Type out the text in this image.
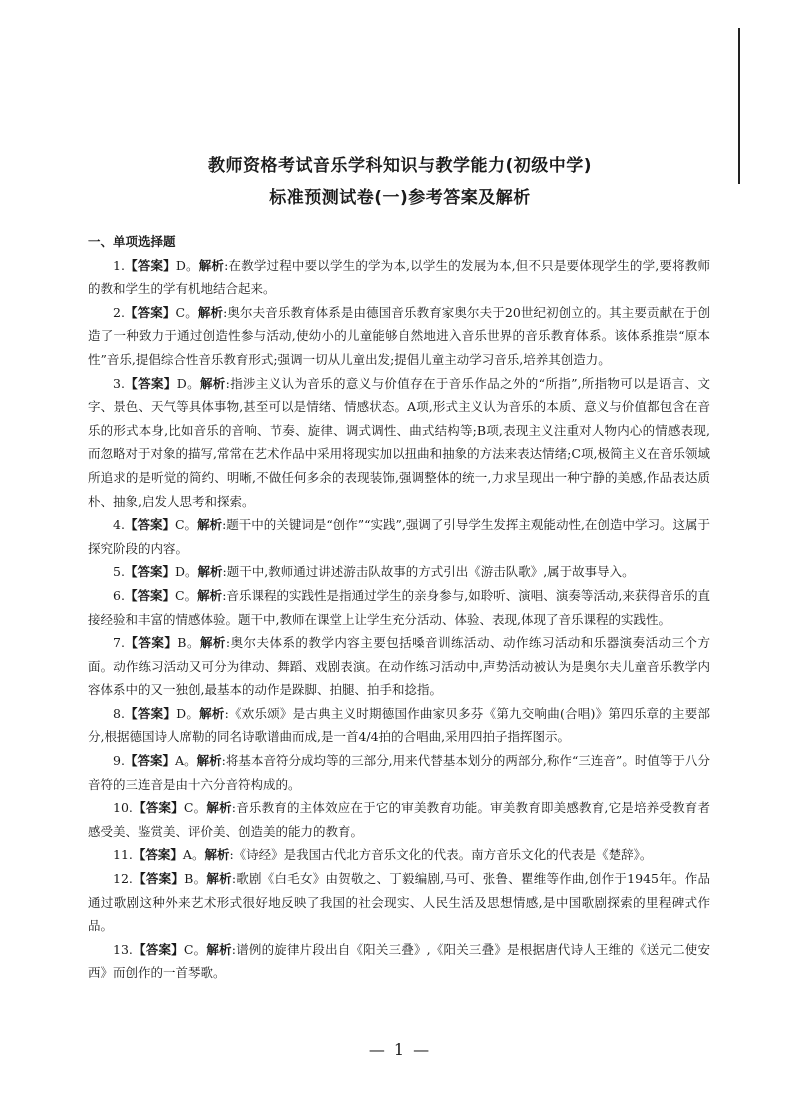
教师资格考试音乐学科知识与教学能力(初级中学)
标准预测试卷(一)参考答案及解析
一、单项选择题

1.【答案】D。解析:在教学过程中要以学生的学为本,以学生的发展为本,但不只是要体现学生的学,要将教师的教和学生的学有机地结合起来。

2.【答案】C。解析:奥尔夫音乐教育体系是由德国音乐教育家奥尔夫于20世纪初创立的。其主要贡献在于创造了一种致力于通过创造性参与活动,使幼小的儿童能够自然地进入音乐世界的音乐教育体系。该体系推崇“原本性”音乐,提倡综合性音乐教育形式;强调一切从儿童出发;提倡儿童主动学习音乐,培养其创造力。

3.【答案】D。解析:指涉主义认为音乐的意义与价值存在于音乐作品之外的“所指”,所指物可以是语言、文字、景色、天气等具体事物,甚至可以是情绪、情感状态。A项,形式主义认为音乐的本质、意义与价值都包含在音乐的形式本身,比如音乐的音响、节奏、旋律、调式调性、曲式结构等;B项,表现主义注重对人物内心的情感表现,而忽略对于对象的描写,常常在艺术作品中采用将现实加以扭曲和抽象的方法来表达情绪;C项,极简主义在音乐领域所追求的是听觉的简约、明晰,不做任何多余的表现装饰,强调整体的统一,力求呈现出一种宁静的美感,作品表达质朴、抽象,启发人思考和探索。

4.【答案】C。解析:题干中的关键词是“创作”“实践”,强调了引导学生发挥主观能动性,在创造中学习。这属于探究阶段的内容。

5.【答案】D。解析:题干中,教师通过讲述游击队故事的方式引出《游击队歌》,属于故事导入。

6.【答案】C。解析:音乐课程的实践性是指通过学生的亲身参与,如聆听、演唱、演奏等活动,来获得音乐的直接经验和丰富的情感体验。题干中,教师在课堂上让学生充分活动、体验、表现,体现了音乐课程的实践性。

7.【答案】B。解析:奥尔夫体系的教学内容主要包括嗓音训练活动、动作练习活动和乐器演奏活动三个方面。动作练习活动又可分为律动、舞蹈、戏剧表演。在动作练习活动中,声势活动被认为是奥尔夫儿童音乐教学内容体系中的又一独创,最基本的动作是跺脚、拍腿、拍手和捻指。

8.【答案】D。解析:《欢乐颂》是古典主义时期德国作曲家贝多芬《第九交响曲(合唱)》第四乐章的主要部分,根据德国诗人席勒的同名诗歌谱曲而成,是一首4/4拍的合唱曲,采用四拍子指挥图示。

9.【答案】A。解析:将基本音符分成均等的三部分,用来代替基本划分的两部分,称作“三连音”。时值等于八分音符的三连音是由十六分音符构成的。

10.【答案】C。解析:音乐教育的主体效应在于它的审美教育功能。审美教育即美感教育,它是培养受教育者感受美、鉴赏美、评价美、创造美的能力的教育。

11.【答案】A。解析:《诗经》是我国古代北方音乐文化的代表。南方音乐文化的代表是《楚辞》。

12.【答案】B。解析:歌剧《白毛女》由贺敬之、丁毅编剧,马可、张鲁、瞿维等作曲,创作于1945年。作品通过歌剧这种外来艺术形式很好地反映了我国的社会现实、人民生活及思想情感,是中国歌剧探索的里程碑式作品。

13.【答案】C。解析:谱例的旋律片段出自《阳关三叠》,《阳关三叠》是根据唐代诗人王维的《送元二使安西》而创作的一首琴歌。

— 1 —
